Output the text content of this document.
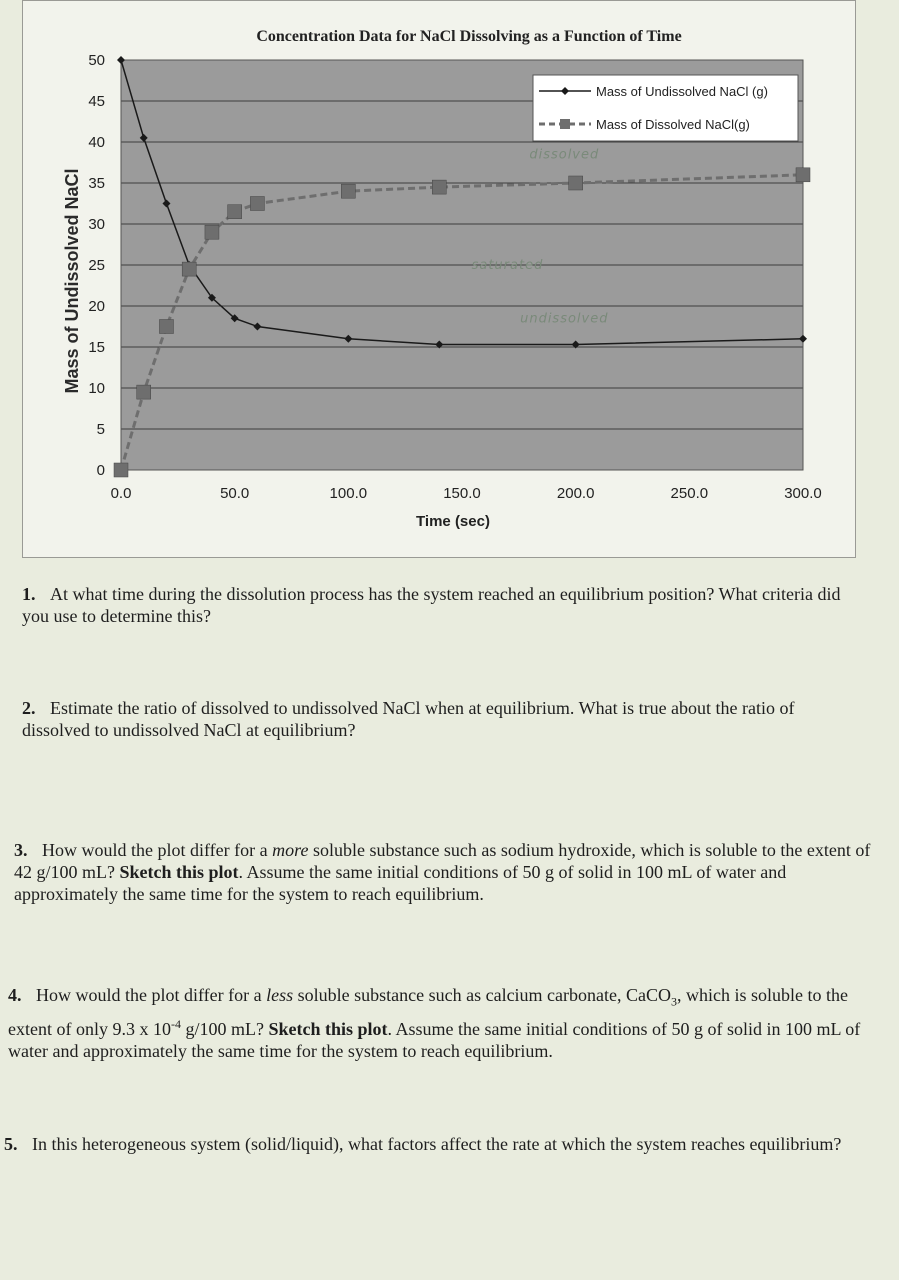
0
5
10
15
20
25
30
35
40
45
50
0.0	50.0	100.0	150.0	200.0	250.0	300.0
Concentration Data for NaCl Dissolving as a Function of Time
Time (sec)
Mass of Undissolved NaCl
dissolved
saturated
undissolved
Mass of Undissolved NaCl (g)
Mass of Dissolved NaCl(g)
1. At what time during the dissolution process has the system reached an equilibrium position? What criteria did you use to determine this?
2. Estimate the ratio of dissolved to undissolved NaCl when at equilibrium. What is true about the ratio of dissolved to undissolved NaCl at equilibrium?
3. How would the plot differ for a more soluble substance such as sodium hydroxide, which is soluble to the extent of 42 g/100 mL? Sketch this plot. Assume the same initial conditions of 50 g of solid in 100 mL of water and approximately the same time for the system to reach equilibrium.
4. How would the plot differ for a less soluble substance such as calcium carbonate, CaCO$_3$, which is soluble to the extent of only 9.3 x $10^{-4}$ g/100 mL? Sketch this plot. Assume the same initial conditions of 50 g of solid in 100 mL of water and approximately the same time for the system to reach equilibrium.
5. In this heterogeneous system (solid/liquid), what factors affect the rate at which the system reaches equilibrium?
